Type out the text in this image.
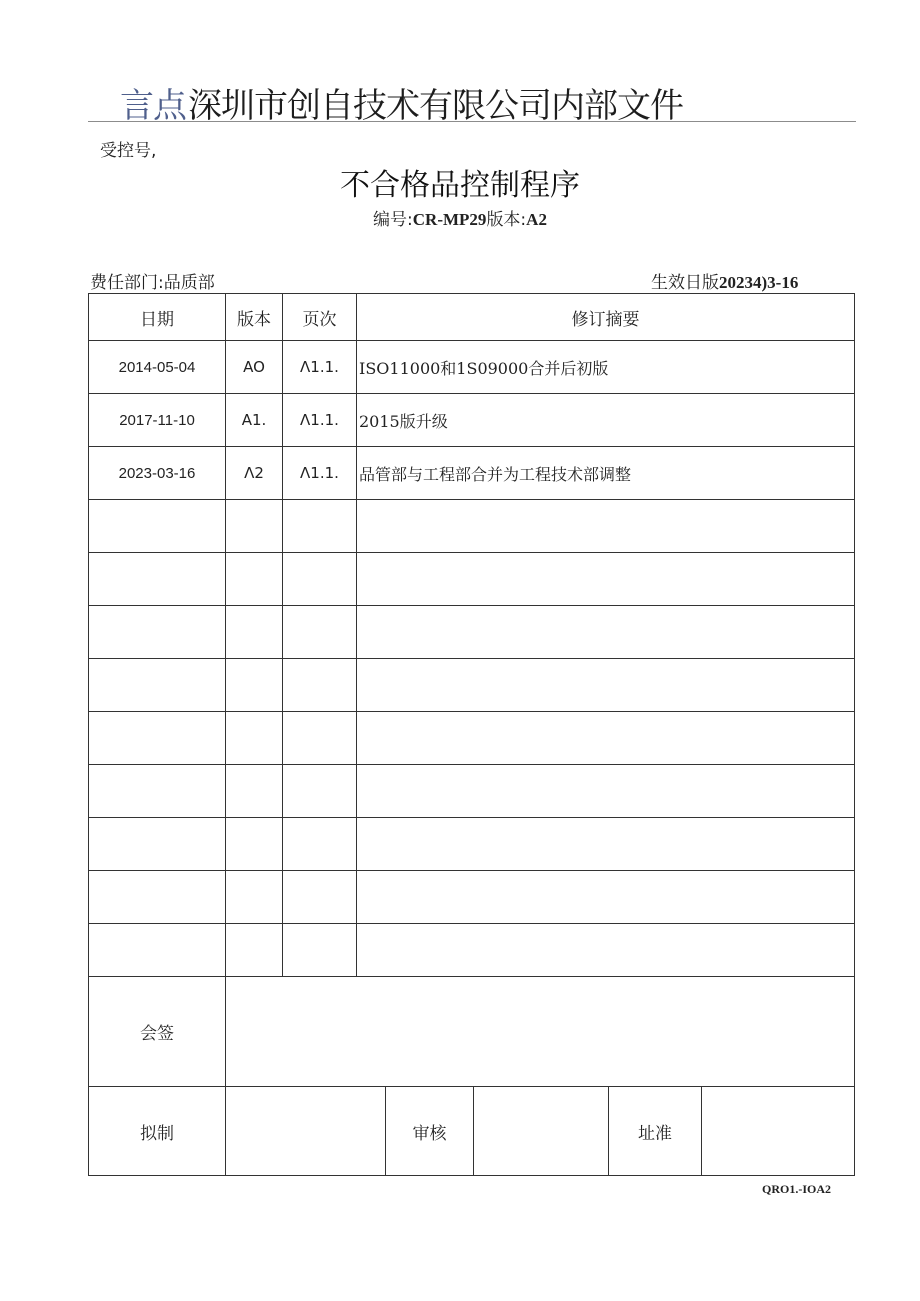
言点 深圳市创自技术有限公司内部文件
受控号,
不合格品控制程序
编号:CR-MP29版本:A2
费任部门:品质部	生效日版20234)3-16
日期	版本	页次	修订摘要				
2014-05-04	AO	Λ1.1.	ISO11000和1S09000合并后初版				
2017-11-10	A1.	Λ1.1.	2015版升级				
2023-03-16	Λ2	Λ1.1.	品管部与工程部合并为工程技术部调整				

会签							
拟制				审核		址准	
QRO1.-IOA2
